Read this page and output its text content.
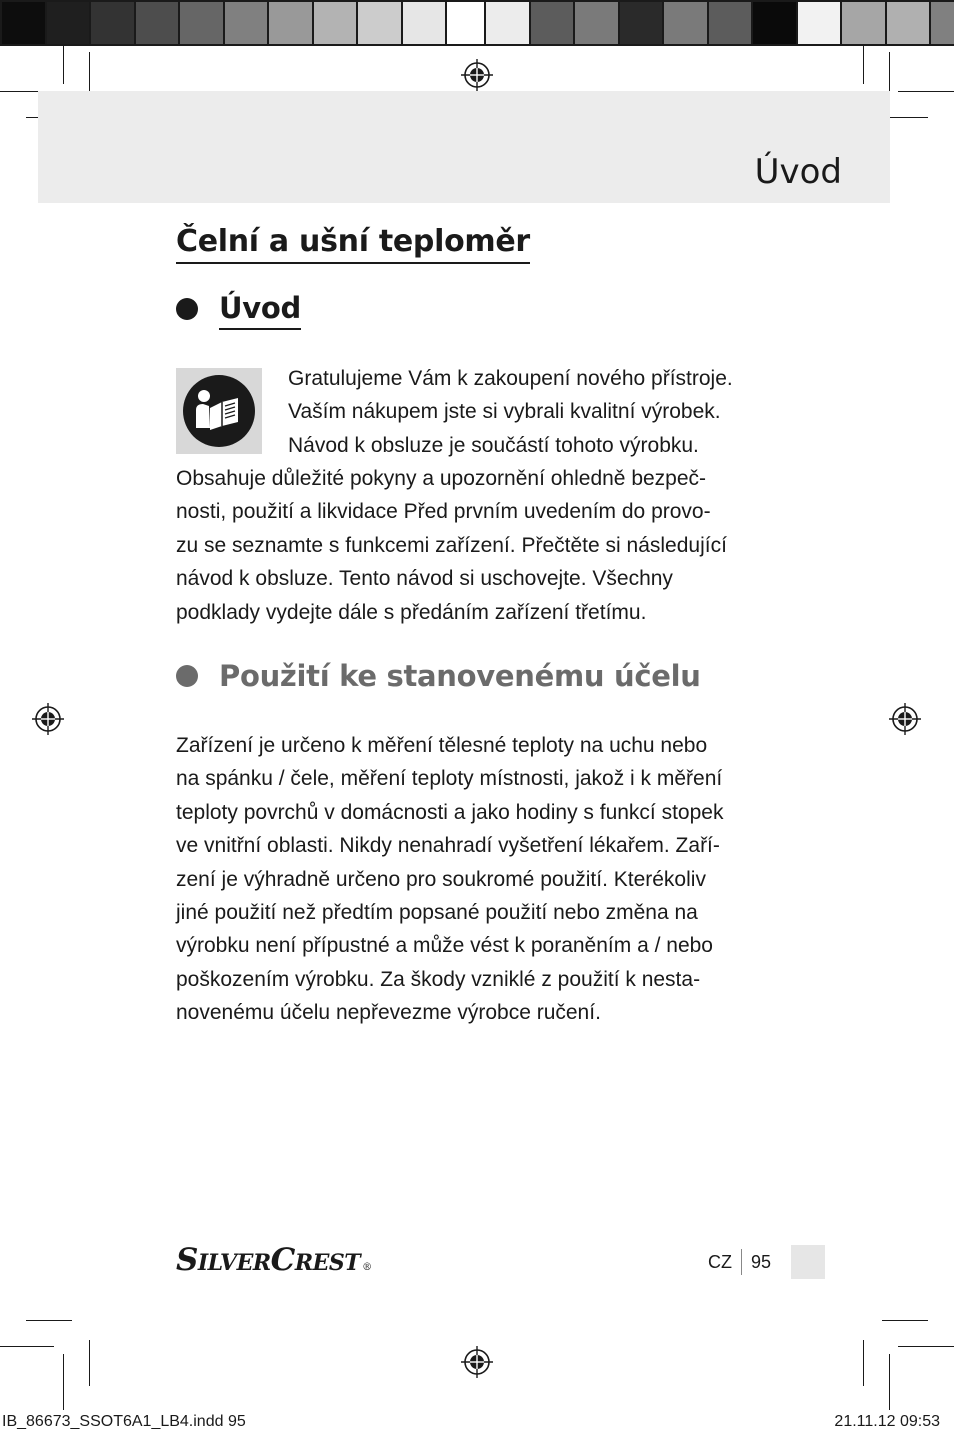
Úvod
Čelní a ušní teploměr
Úvod
Gratulujeme Vám k zakoupení nového přístroje.
Vaším nákupem jste si vybrali kvalitní výrobek.
Návod k obsluze je součástí tohoto výrobku.
Obsahuje důležité pokyny a upozornění ohledně bezpeč-
nosti, použití a likvidace Před prvním uvedením do provo-
zu se seznamte s funkcemi zařízení. Přečtěte si následující
návod k obsluze. Tento návod si uschovejte. Všechny
podklady vydejte dále s předáním zařízení třetímu.
Použití ke stanovenému účelu
Zařízení je určeno k měření tělesné teploty na uchu nebo
na spánku / čele, měření teploty místnosti, jakož i k měření
teploty povrchů v domácnosti a jako hodiny s funkcí stopek
ve vnitřní oblasti. Nikdy nenahradí vyšetření lékařem. Zaří-
zení je výhradně určeno pro soukromé použití. Kterékoliv
jiné použití než předtím popsané použití nebo změna na
výrobku není přípustné a může vést k poraněním a / nebo
poškozením výrobku. Za škody vzniklé z použití k nesta-
novenému účelu nepřevezme výrobce ručení.
S ILVER C REST ®	CZ 95
IB_86673_SSOT6A1_LB4.indd 95	21.11.12 09:53
